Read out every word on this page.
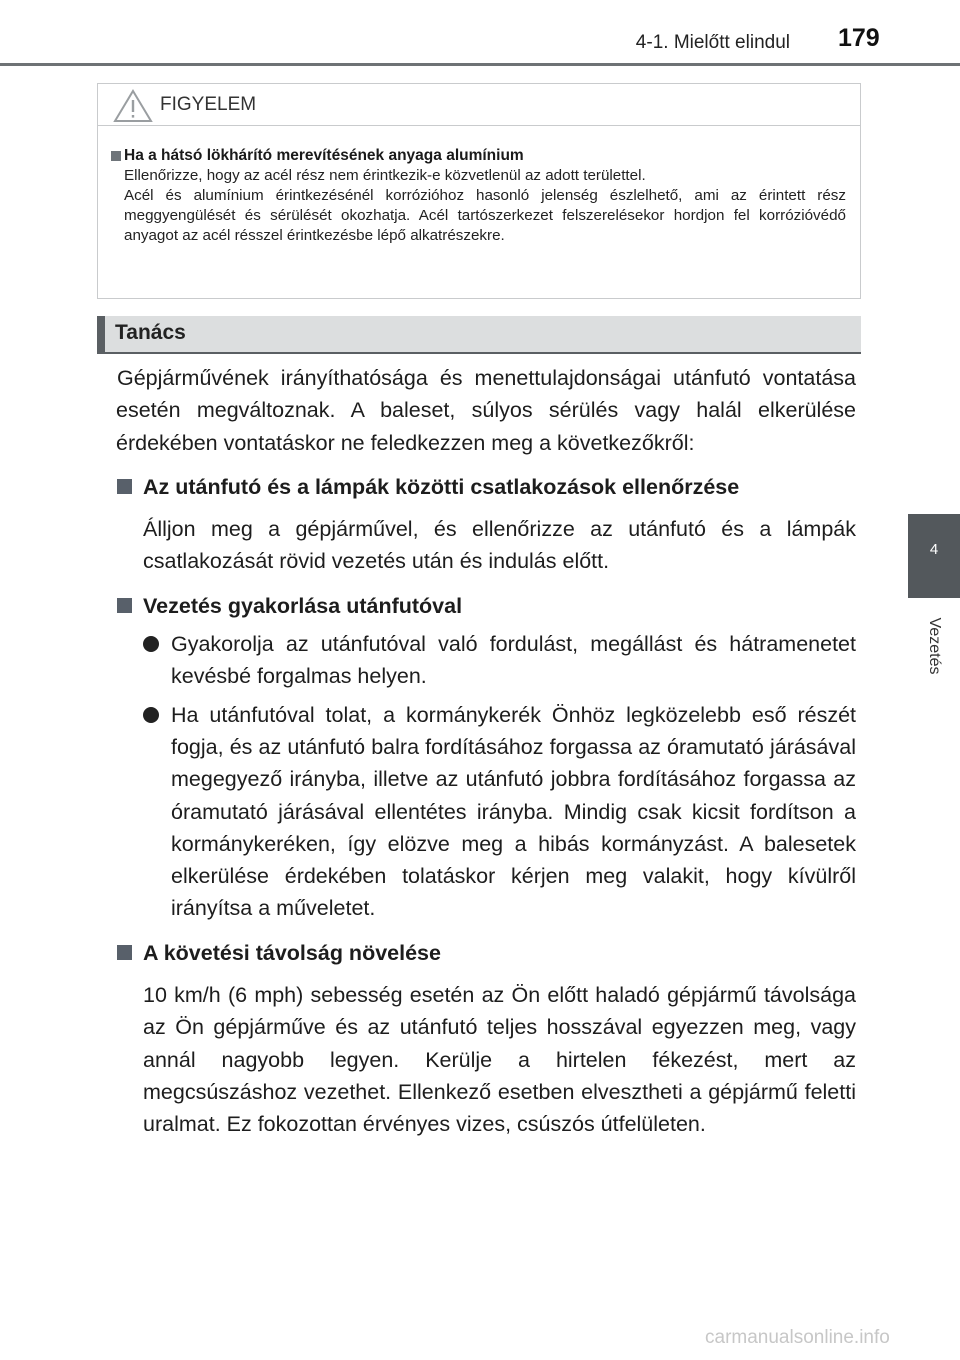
4-1. Mielőtt elindul 179
4
Vezetés
FIGYELEM
Ha a hátsó lökhárító merevítésének anyaga alumínium
Ellenőrizze, hogy az acél rész nem érintkezik-e közvetlenül az adott területtel.
Acél és alumínium érintkezésénél korrózióhoz hasonló jelenség észlelhető, ami az érintett rész meggyengülését és sérülését okozhatja. Acél tartószerkezet felszerelésekor hordjon fel korrózióvédő anyagot az acél résszel érintkezésbe lépő alkatrészekre.
Tanács
Gépjárművének irányíthatósága és menettulajdonságai utánfutó vontatása esetén megváltoznak. A baleset, súlyos sérülés vagy halál elkerülése érdekében vontatáskor ne feledkezzen meg a következőkről:
Az utánfutó és a lámpák közötti csatlakozások ellenőrzése
Álljon meg a gépjárművel, és ellenőrizze az utánfutó és a lámpák csatlakozását rövid vezetés után és indulás előtt.
Vezetés gyakorlása utánfutóval
Gyakorolja az utánfutóval való fordulást, megállást és hátramenetet kevésbé forgalmas helyen.
Ha utánfutóval tolat, a kormánykerék Önhöz legközelebb eső részét fogja, és az utánfutó balra fordításához forgassa az óramutató járásával megegyező irányba, illetve az utánfutó jobbra fordításához forgassa az óramutató járásával ellentétes irányba. Mindig csak kicsit fordítson a kormánykeréken, így elözve meg a hibás kormányzást. A balesetek elkerülése érdekében tolatáskor kérjen meg valakit, hogy kívülről irányítsa a műveletet.
A követési távolság növelése
10 km/h (6 mph) sebesség esetén az Ön előtt haladó gépjármű távolsága az Ön gépjárműve és az utánfutó teljes hosszával egyezzen meg, vagy annál nagyobb legyen. Kerülje a hirtelen fékezést, mert az megcsúszáshoz vezethet. Ellenkező esetben elvesztheti a gépjármű feletti uralmat. Ez fokozottan érvényes vizes, csúszós útfelületen.
carmanualsonline.info
